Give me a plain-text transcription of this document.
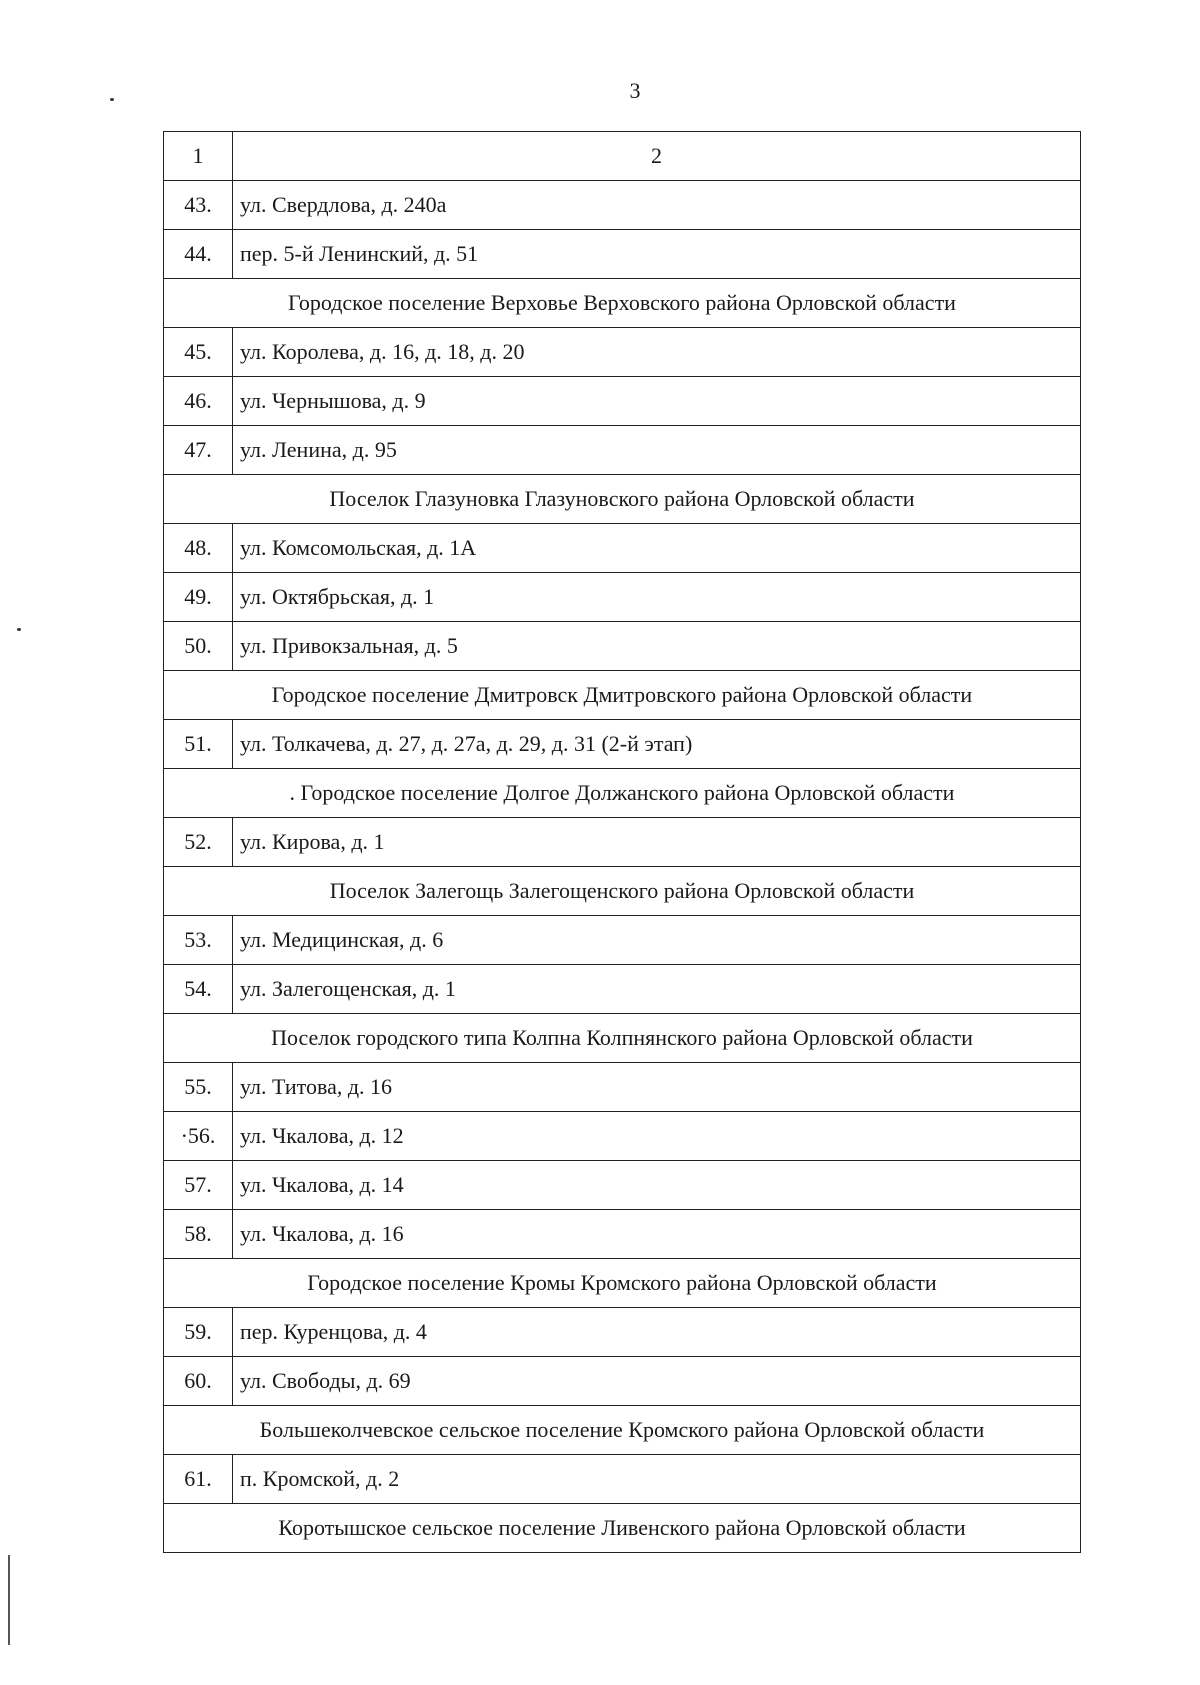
3
1	2
43.	ул. Свердлова, д. 240а
44.	пер. 5-й Ленинский, д. 51
Городское поселение Верховье Верховского района Орловской области	
45.	ул. Королева, д. 16, д. 18, д. 20
46.	ул. Чернышова, д. 9
47.	ул. Ленина, д. 95
Поселок Глазуновка Глазуновского района Орловской области	
48.	ул. Комсомольская, д. 1А
49.	ул. Октябрьская, д. 1
50.	ул. Привокзальная, д. 5
Городское поселение Дмитровск Дмитровского района Орловской области	
51.	ул. Толкачева, д. 27, д. 27а, д. 29, д. 31 (2-й этап)
. Городское поселение Долгое Должанского района Орловской области	
52.	ул. Кирова, д. 1
Поселок Залегощь Залегощенского района Орловской области	
53.	ул. Медицинская, д. 6
54.	ул. Залегощенская, д. 1
Поселок городского типа Колпна Колпнянского района Орловской области	
55.	ул. Титова, д. 16
·56.	ул. Чкалова, д. 12
57.	ул. Чкалова, д. 14
58.	ул. Чкалова, д. 16
Городское поселение Кромы Кромского района Орловской области	
59.	пер. Куренцова, д. 4
60.	ул. Свободы, д. 69
Большеколчевское сельское поселение Кромского района Орловской области	
61.	п. Кромской, д. 2
Коротышское сельское поселение Ливенского района Орловской области	
